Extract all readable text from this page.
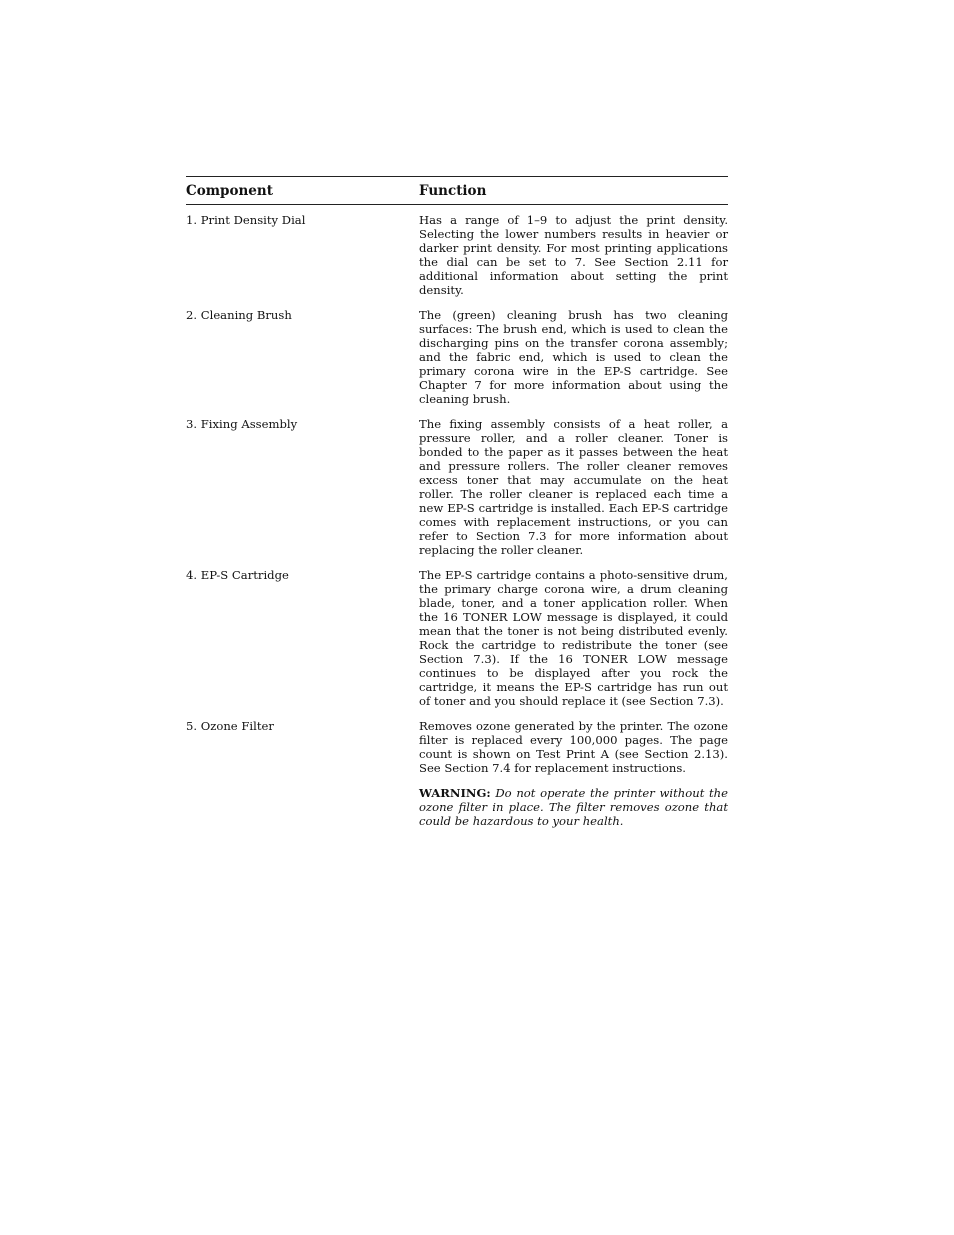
Component	Function
1. Print Density Dial	Has a range of 1–9 to adjust the print density. Selecting the lower numbers results in heavier or darker print density. For most printing applications the dial can be set to 7. See Section 2.11 for additional information about setting the print density.
2. Cleaning Brush	The (green) cleaning brush has two cleaning surfaces: The brush end, which is used to clean the discharging pins on the transfer corona assembly; and the fabric end, which is used to clean the primary corona wire in the EP-S cartridge. See Chapter 7 for more information about using the cleaning brush.
3. Fixing Assembly	The fixing assembly consists of a heat roller, a pressure roller, and a roller cleaner. Toner is bonded to the paper as it passes between the heat and pressure rollers. The roller cleaner removes excess toner that may accumulate on the heat roller. The roller cleaner is replaced each time a new EP-S cartridge is installed. Each EP-S cartridge comes with replacement instructions, or you can refer to Section 7.3 for more information about replacing the roller cleaner.
4. EP-S Cartridge	The EP-S cartridge contains a photo-sensitive drum, the primary charge corona wire, a drum cleaning blade, toner, and a toner application roller. When the 16 TONER LOW message is displayed, it could mean that the toner is not being distributed evenly. Rock the cartridge to redistribute the toner (see Section 7.3). If the 16 TONER LOW message continues to be displayed after you rock the cartridge, it means the EP-S cartridge has run out of toner and you should replace it (see Section 7.3).
5. Ozone Filter	Removes ozone generated by the printer. The ozone filter is replaced every 100,000 pages. The page count is shown on Test Print A (see Section 2.13). See Section 7.4 for replacement instructions.
WARNING: Do not operate the printer without the ozone filter in place. The filter removes ozone that could be hazardous to your health.
